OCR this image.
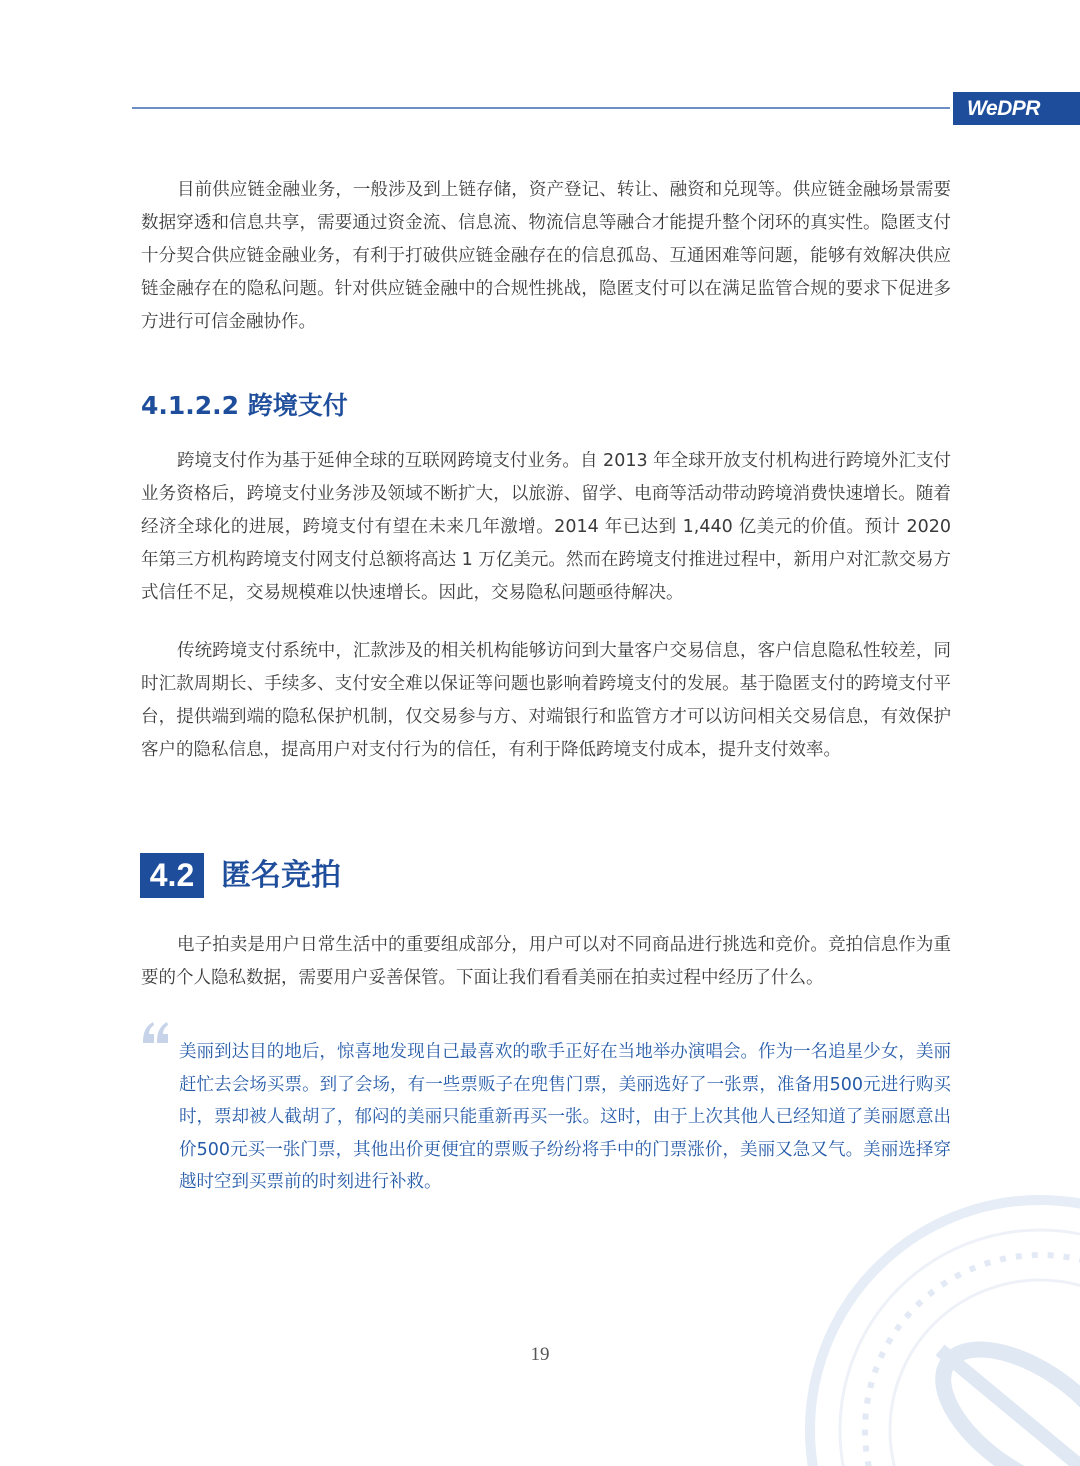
WeDPR

目前供应链金融业务，一般涉及到上链存储，资产登记、转让、融资和兑现等。供应链金融场景需要数据穿透和信息共享，需要通过资金流、信息流、物流信息等融合才能提升整个闭环的真实性。隐匿支付十分契合供应链金融业务，有利于打破供应链金融存在的信息孤岛、互通困难等问题，能够有效解决供应链金融存在的隐私问题。针对供应链金融中的合规性挑战，隐匿支付可以在满足监管合规的要求下促进多方进行可信金融协作。

4.1.2.2 跨境支付

跨境支付作为基于延伸全球的互联网跨境支付业务。自 2013 年全球开放支付机构进行跨境外汇支付业务资格后，跨境支付业务涉及领域不断扩大，以旅游、留学、电商等活动带动跨境消费快速增长。随着经济全球化的进展，跨境支付有望在未来几年激增。2014 年已达到 1,440 亿美元的价值。预计 2020 年第三方机构跨境支付网支付总额将高达 1 万亿美元。然而在跨境支付推进过程中，新用户对汇款交易方式信任不足，交易规模难以快速增长。因此，交易隐私问题亟待解决。

传统跨境支付系统中，汇款涉及的相关机构能够访问到大量客户交易信息，客户信息隐私性较差，同时汇款周期长、手续多、支付安全难以保证等问题也影响着跨境支付的发展。基于隐匿支付的跨境支付平台，提供端到端的隐私保护机制，仅交易参与方、对端银行和监管方才可以访问相关交易信息，有效保护客户的隐私信息，提高用户对支付行为的信任，有利于降低跨境支付成本，提升支付效率。

4.2 匿名竞拍

电子拍卖是用户日常生活中的重要组成部分，用户可以对不同商品进行挑选和竞价。竞拍信息作为重要的个人隐私数据，需要用户妥善保管。下面让我们看看美丽在拍卖过程中经历了什么。

美丽到达目的地后，惊喜地发现自己最喜欢的歌手正好在当地举办演唱会。作为一名追星少女，美丽赶忙去会场买票。到了会场，有一些票贩子在兜售门票，美丽选好了一张票，准备用500元进行购买时，票却被人截胡了，郁闷的美丽只能重新再买一张。这时，由于上次其他人已经知道了美丽愿意出价500元买一张门票，其他出价更便宜的票贩子纷纷将手中的门票涨价，美丽又急又气。美丽选择穿越时空到买票前的时刻进行补救。

19
